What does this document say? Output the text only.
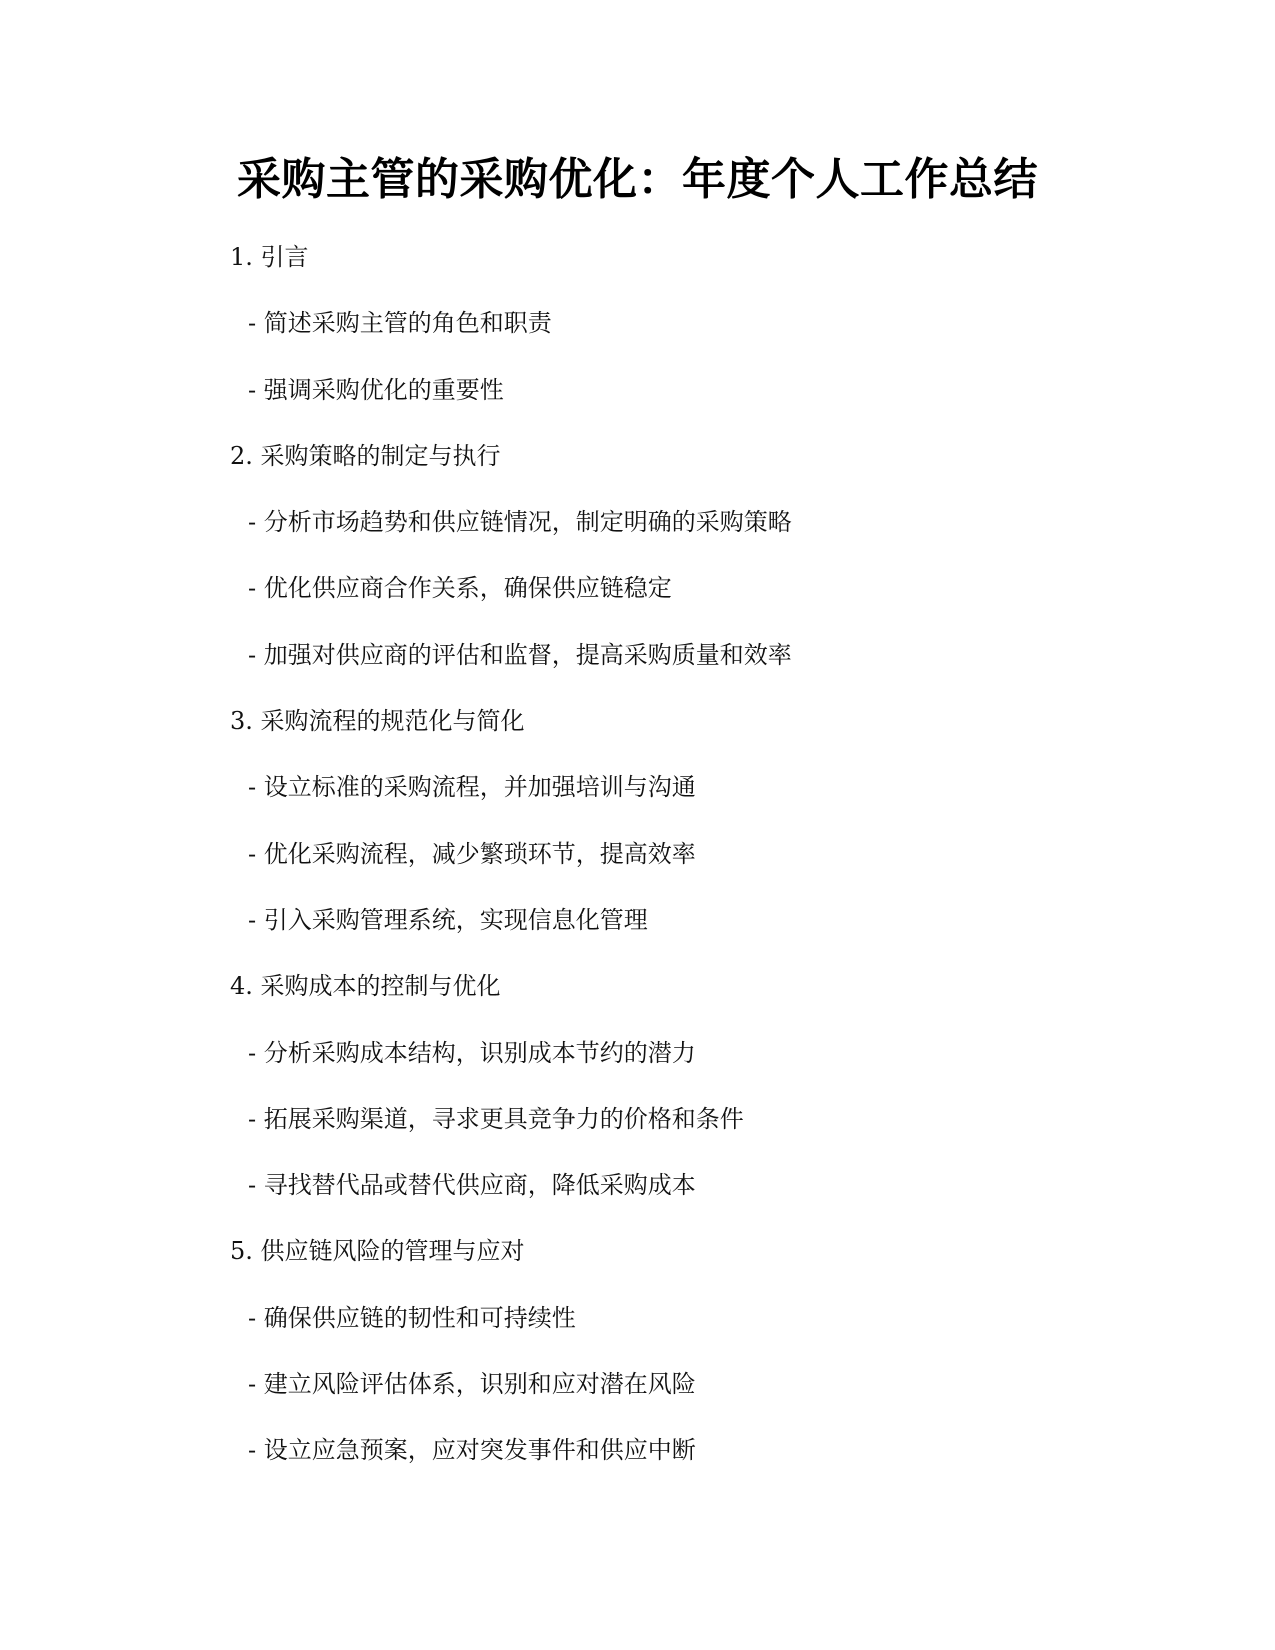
采购主管的采购优化：年度个人工作总结
1. 引言
- 简述采购主管的角色和职责
- 强调采购优化的重要性
2. 采购策略的制定与执行
- 分析市场趋势和供应链情况，制定明确的采购策略
- 优化供应商合作关系，确保供应链稳定
- 加强对供应商的评估和监督，提高采购质量和效率
3. 采购流程的规范化与简化
- 设立标准的采购流程，并加强培训与沟通
- 优化采购流程，减少繁琐环节，提高效率
- 引入采购管理系统，实现信息化管理
4. 采购成本的控制与优化
- 分析采购成本结构，识别成本节约的潜力
- 拓展采购渠道，寻求更具竞争力的价格和条件
- 寻找替代品或替代供应商，降低采购成本
5. 供应链风险的管理与应对
- 确保供应链的韧性和可持续性
- 建立风险评估体系，识别和应对潜在风险
- 设立应急预案，应对突发事件和供应中断
